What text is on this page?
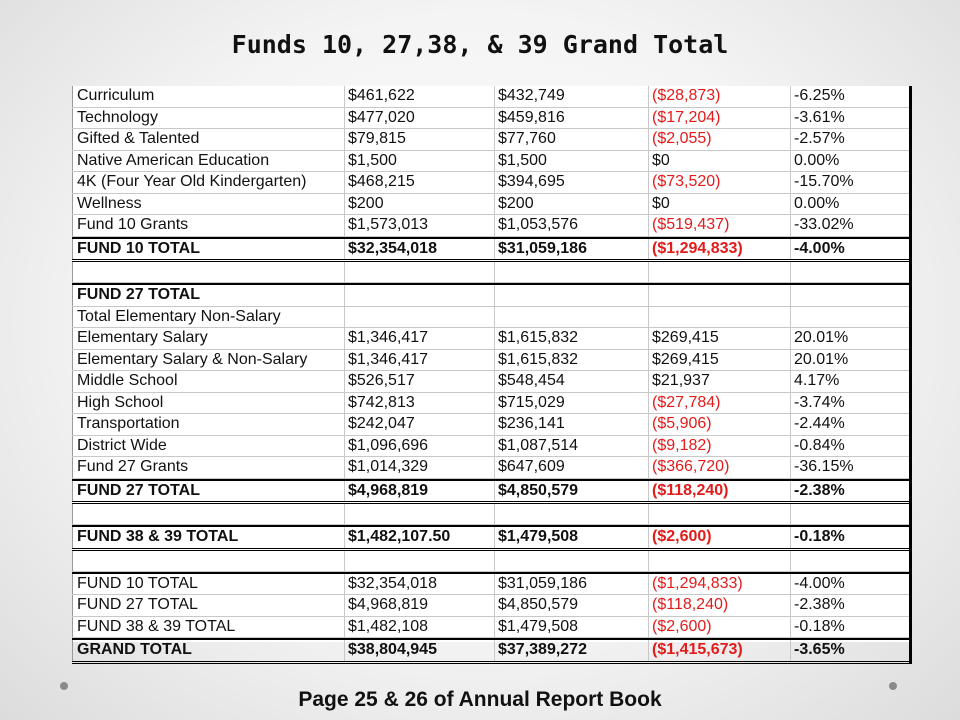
Funds 10, 27,38, & 39 Grand Total
Curriculum	$461,622	$432,749	($28,873)	-6.25%
Technology	$477,020	$459,816	($17,204)	-3.61%
Gifted & Talented	$79,815	$77,760	($2,055)	-2.57%
Native American Education	$1,500	$1,500	$0	0.00%
4K (Four Year Old Kindergarten)	$468,215	$394,695	($73,520)	-15.70%
Wellness	$200	$200	$0	0.00%
Fund 10 Grants	$1,573,013	$1,053,576	($519,437)	-33.02%
FUND 10 TOTAL	$32,354,018	$31,059,186	($1,294,833)	-4.00%
FUND 27 TOTAL
Total Elementary Non-Salary
Elementary Salary	$1,346,417	$1,615,832	$269,415	20.01%
Elementary Salary & Non-Salary	$1,346,417	$1,615,832	$269,415	20.01%
Middle School	$526,517	$548,454	$21,937	4.17%
High School	$742,813	$715,029	($27,784)	-3.74%
Transportation	$242,047	$236,141	($5,906)	-2.44%
District Wide	$1,096,696	$1,087,514	($9,182)	-0.84%
Fund 27 Grants	$1,014,329	$647,609	($366,720)	-36.15%
FUND 27 TOTAL	$4,968,819	$4,850,579	($118,240)	-2.38%
FUND 38 & 39 TOTAL	$1,482,107.50	$1,479,508	($2,600)	-0.18%
FUND 10 TOTAL	$32,354,018	$31,059,186	($1,294,833)	-4.00%
FUND 27 TOTAL	$4,968,819	$4,850,579	($118,240)	-2.38%
FUND 38 & 39 TOTAL	$1,482,108	$1,479,508	($2,600)	-0.18%
GRAND TOTAL	$38,804,945	$37,389,272	($1,415,673)	-3.65%
Page 25 & 26 of Annual Report Book
